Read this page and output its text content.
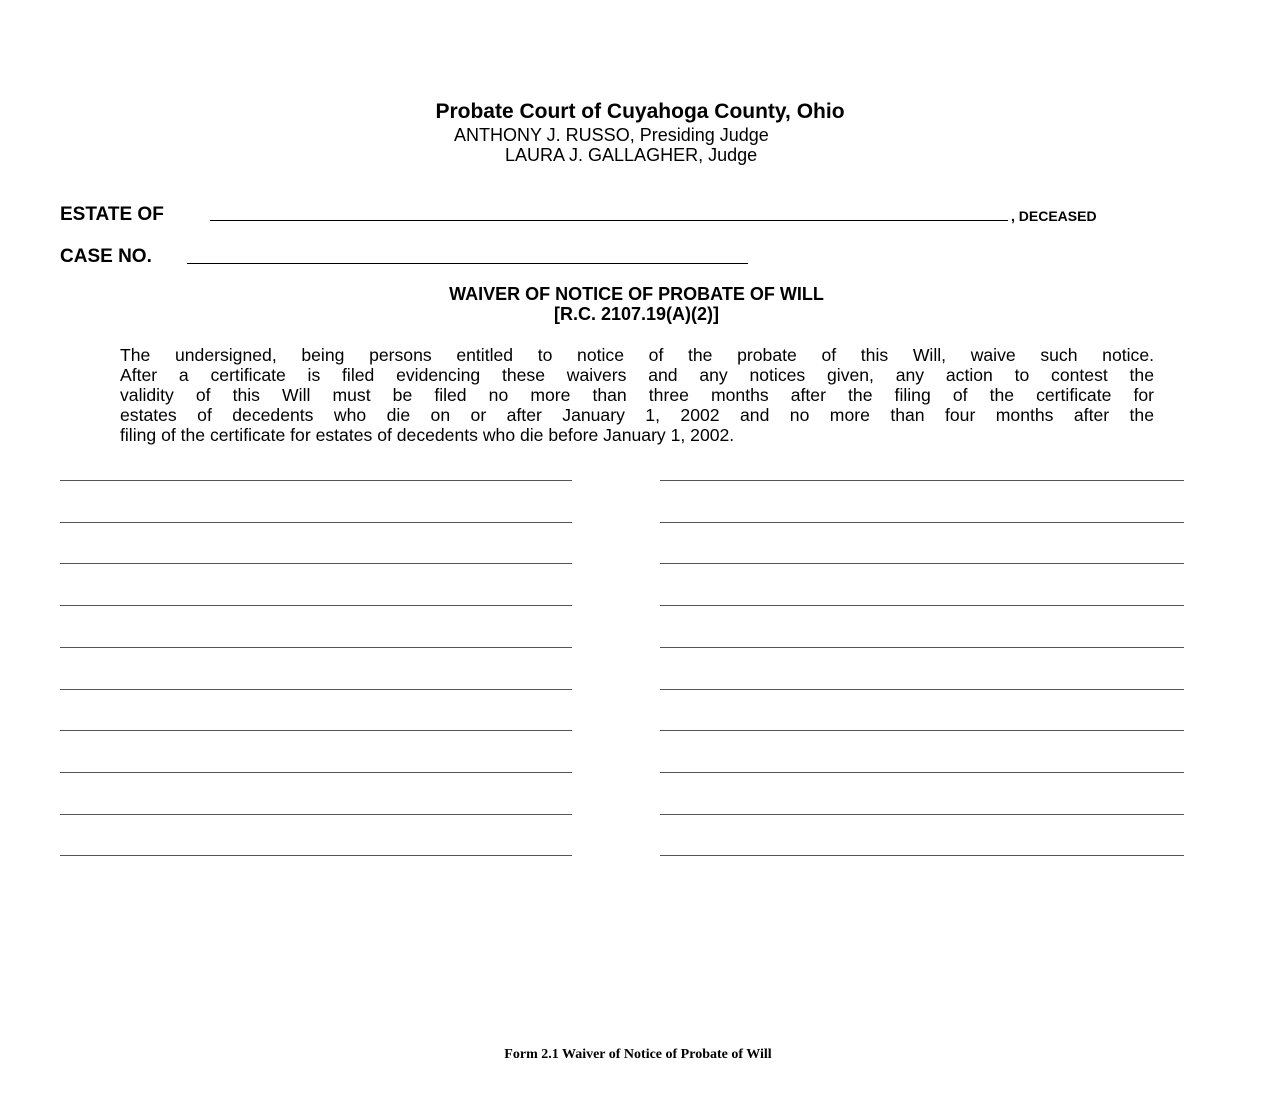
Probate Court of Cuyahoga County, Ohio
ANTHONY J. RUSSO, Presiding Judge
LAURA J. GALLAGHER, Judge
ESTATE OF	, DECEASED
CASE NO.
WAIVER OF NOTICE OF PROBATE OF WILL
[R.C. 2107.19(A)(2)]
The undersigned, being persons entitled to notice of the probate of this Will, waive such notice.
After a certificate is filed evidencing these waivers and any notices given, any action to contest the
validity of this Will must be filed no more than three months after the filing of the certificate for
estates of decedents who die on or after January 1, 2002 and no more than four months after the
filing of the certificate for estates of decedents who die before January 1, 2002.
Form 2.1 Waiver of Notice of Probate of Will
